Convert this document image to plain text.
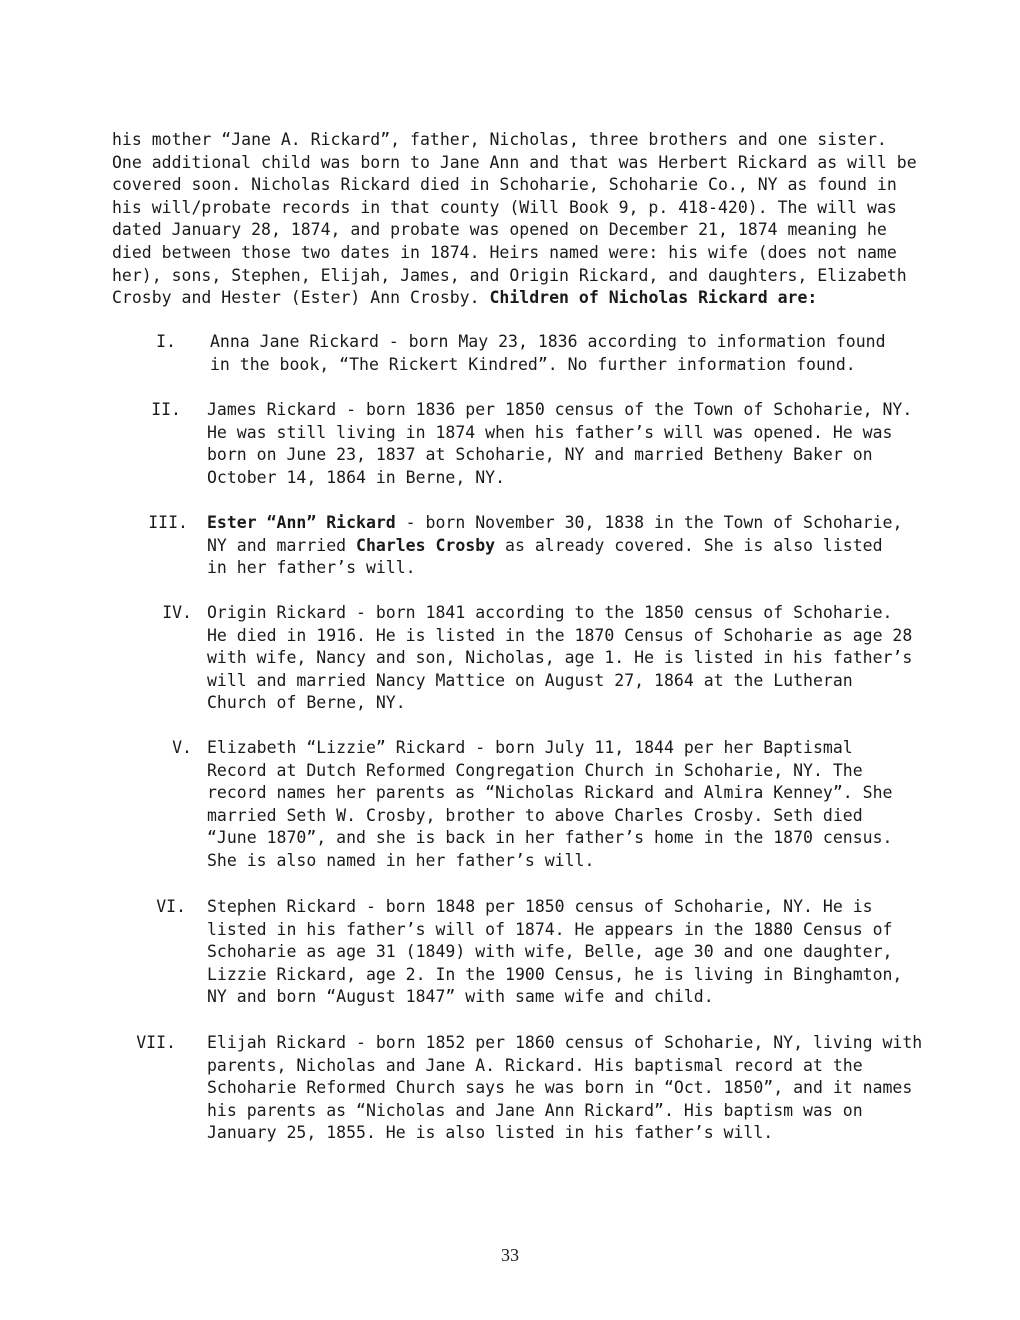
his mother “Jane A. Rickard”, father, Nicholas, three brothers and one sister.
One additional child was born to Jane Ann and that was Herbert Rickard as will be
covered soon. Nicholas Rickard died in Schoharie, Schoharie Co., NY as found in
his will/probate records in that county (Will Book 9, p. 418-420). The will was
dated January 28, 1874, and probate was opened on December 21, 1874 meaning he
died between those two dates in 1874. Heirs named were: his wife (does not name
her), sons, Stephen, Elijah, James, and Origin Rickard, and daughters, Elizabeth
Crosby and Hester (Ester) Ann Crosby. Children of Nicholas Rickard are:
I. Anna Jane Rickard - born May 23, 1836 according to information found
in the book, “The Rickert Kindred”. No further information found.
II. James Rickard - born 1836 per 1850 census of the Town of Schoharie, NY.
He was still living in 1874 when his father’s will was opened. He was
born on June 23, 1837 at Schoharie, NY and married Betheny Baker on
October 14, 1864 in Berne, NY.
III. Ester “Ann” Rickard - born November 30, 1838 in the Town of Schoharie,
NY and married Charles Crosby as already covered. She is also listed
in her father’s will.
IV. Origin Rickard - born 1841 according to the 1850 census of Schoharie.
He died in 1916. He is listed in the 1870 Census of Schoharie as age 28
with wife, Nancy and son, Nicholas, age 1. He is listed in his father’s
will and married Nancy Mattice on August 27, 1864 at the Lutheran
Church of Berne, NY.
V. Elizabeth “Lizzie” Rickard - born July 11, 1844 per her Baptismal
Record at Dutch Reformed Congregation Church in Schoharie, NY. The
record names her parents as “Nicholas Rickard and Almira Kenney”. She
married Seth W. Crosby, brother to above Charles Crosby. Seth died
“June 1870”, and she is back in her father’s home in the 1870 census.
She is also named in her father’s will.
VI. Stephen Rickard - born 1848 per 1850 census of Schoharie, NY. He is
listed in his father’s will of 1874. He appears in the 1880 Census of
Schoharie as age 31 (1849) with wife, Belle, age 30 and one daughter,
Lizzie Rickard, age 2. In the 1900 Census, he is living in Binghamton,
NY and born “August 1847” with same wife and child.
VII. Elijah Rickard - born 1852 per 1860 census of Schoharie, NY, living with
parents, Nicholas and Jane A. Rickard. His baptismal record at the
Schoharie Reformed Church says he was born in “Oct. 1850”, and it names
his parents as “Nicholas and Jane Ann Rickard”. His baptism was on
January 25, 1855. He is also listed in his father’s will.
33
